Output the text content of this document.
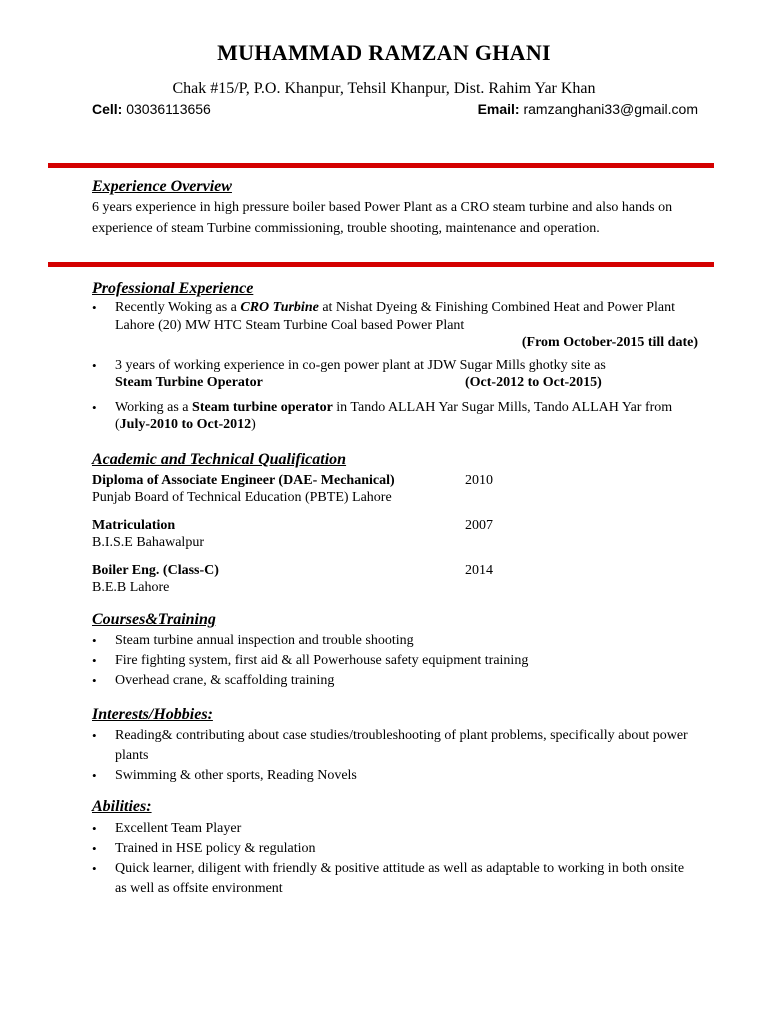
MUHAMMAD RAMZAN GHANI
Chak #15/P, P.O. Khanpur, Tehsil Khanpur, Dist. Rahim Yar Khan
Cell: 03036113656	Email: ramzanghani33@gmail.com
Experience Overview

6 years experience in high pressure boiler based Power Plant as a CRO steam turbine and also hands on experience of steam Turbine commissioning, trouble shooting, maintenance and operation.

Professional Experience
• Recently Woking as a CRO Turbine at Nishat Dyeing & Finishing Combined Heat and Power Plant Lahore (20) MW HTC Steam Turbine Coal based Power Plant
(From October-2015 till date)
• 3 years of working experience in co-gen power plant at JDW Sugar Mills ghotky site as
Steam Turbine Operator	(Oct-2012 to Oct-2015)
• Working as a Steam turbine operator in Tando ALLAH Yar Sugar Mills, Tando ALLAH Yar from (July-2010 to Oct-2012)
Academic and Technical Qualification
Diploma of Associate Engineer (DAE- Mechanical)	2010
Punjab Board of Technical Education (PBTE) Lahore
Matriculation	2007
B.I.S.E Bahawalpur
Boiler Eng. (Class-C)	2014
B.E.B Lahore
Courses&Training
• Steam turbine annual inspection and trouble shooting
• Fire fighting system, first aid & all Powerhouse safety equipment training
• Overhead crane, & scaffolding training
Interests/Hobbies:
• Reading& contributing about case studies/troubleshooting of plant problems, specifically about power plants
• Swimming & other sports, Reading Novels
Abilities:
• Excellent Team Player
• Trained in HSE policy & regulation
• Quick learner, diligent with friendly & positive attitude as well as adaptable to working in both onsite as well as offsite environment
